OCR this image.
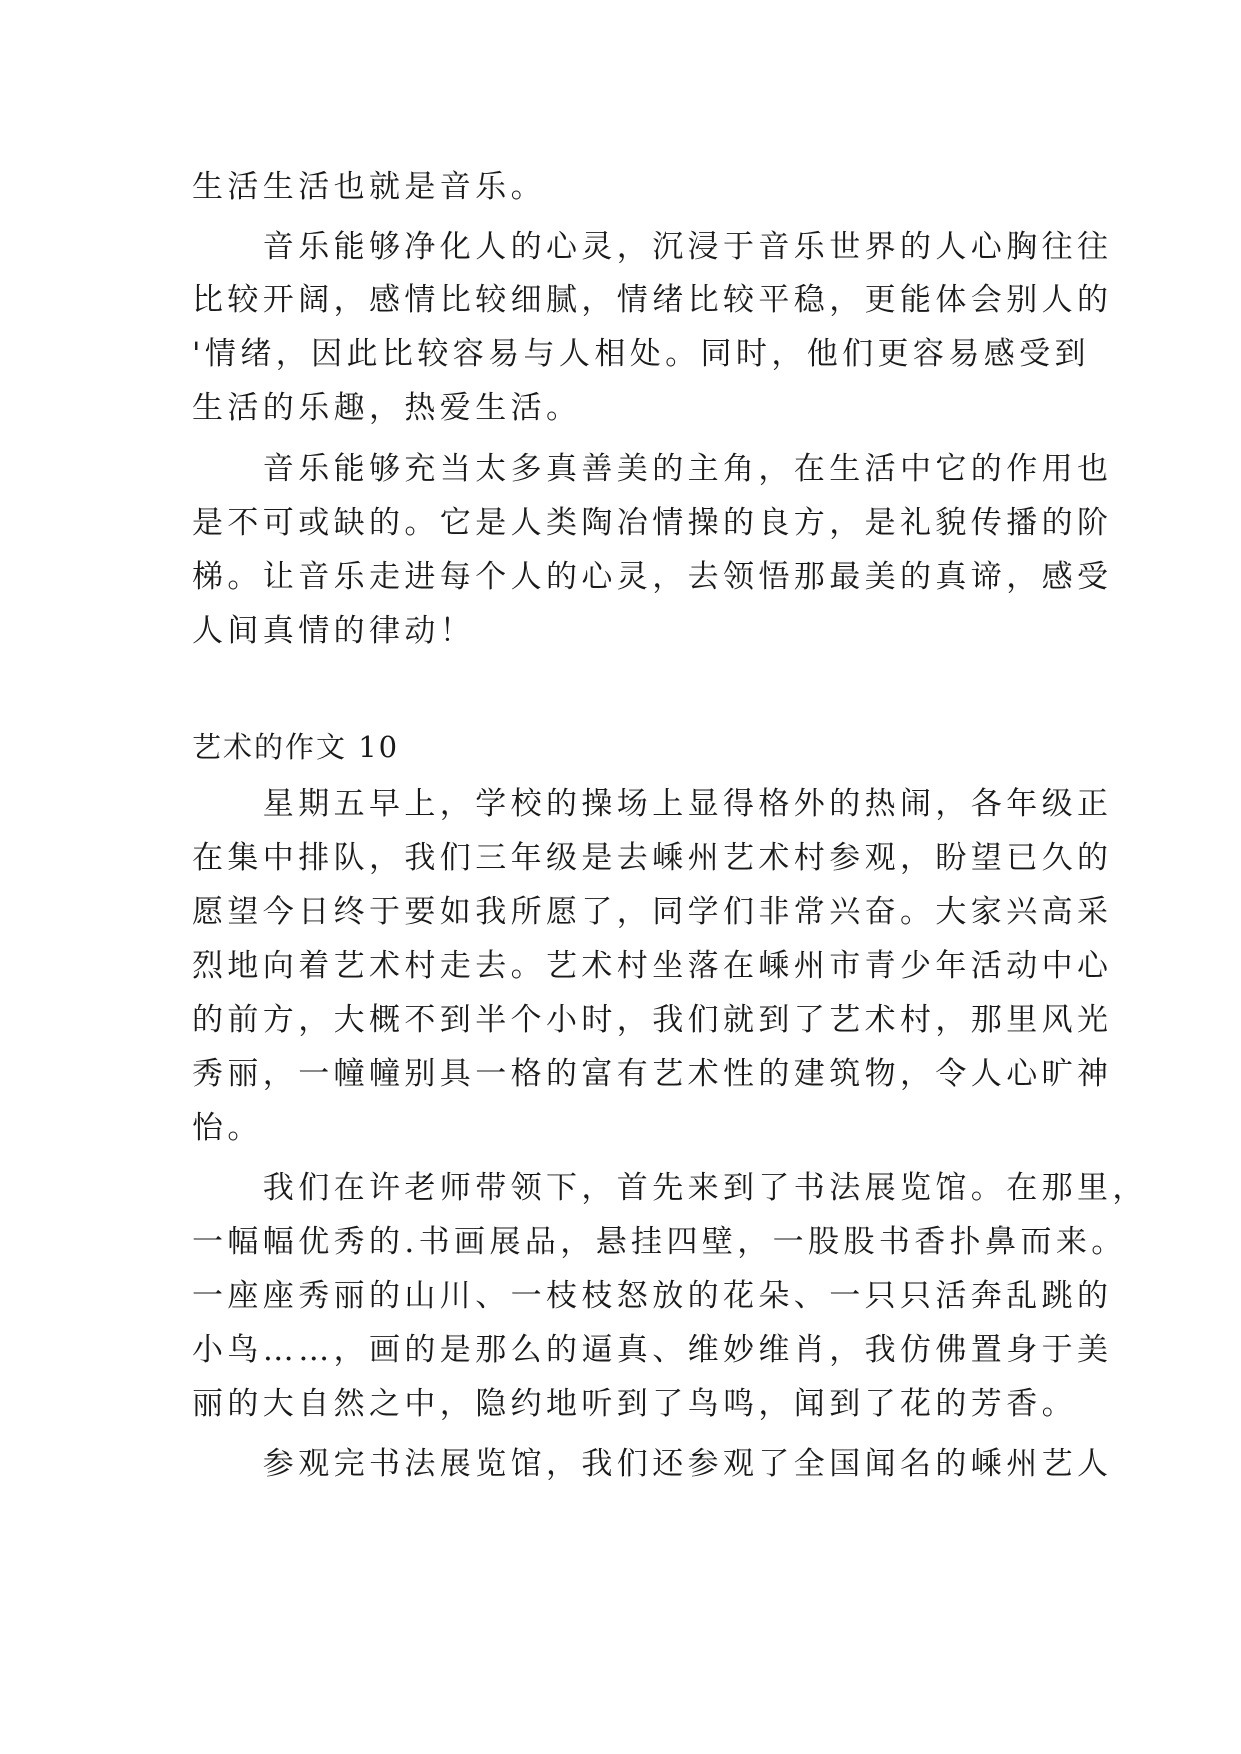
生活生活也就是音乐。
　　音乐能够净化人的心灵，沉浸于音乐世界的人心胸往往
比较开阔，感情比较细腻，情绪比较平稳，更能体会别人的
'情绪，因此比较容易与人相处。同时，他们更容易感受到
生活的乐趣，热爱生活。
　　音乐能够充当太多真善美的主角，在生活中它的作用也
是不可或缺的。它是人类陶冶情操的良方，是礼貌传播的阶
梯。让音乐走进每个人的心灵，去领悟那最美的真谛，感受
人间真情的律动！
艺术的作文 10
　　星期五早上，学校的操场上显得格外的热闹，各年级正
在集中排队，我们三年级是去嵊州艺术村参观，盼望已久的
愿望今日终于要如我所愿了，同学们非常兴奋。大家兴高采
烈地向着艺术村走去。艺术村坐落在嵊州市青少年活动中心
的前方，大概不到半个小时，我们就到了艺术村，那里风光
秀丽，一幢幢别具一格的富有艺术性的建筑物，令人心旷神
怡。
　　我们在许老师带领下，首先来到了书法展览馆。在那里，
一幅幅优秀的.书画展品，悬挂四壁，一股股书香扑鼻而来。
一座座秀丽的山川、一枝枝怒放的花朵、一只只活奔乱跳的
小鸟……，画的是那么的逼真、维妙维肖，我仿佛置身于美
丽的大自然之中，隐约地听到了鸟鸣，闻到了花的芳香。
　　参观完书法展览馆，我们还参观了全国闻名的嵊州艺人
